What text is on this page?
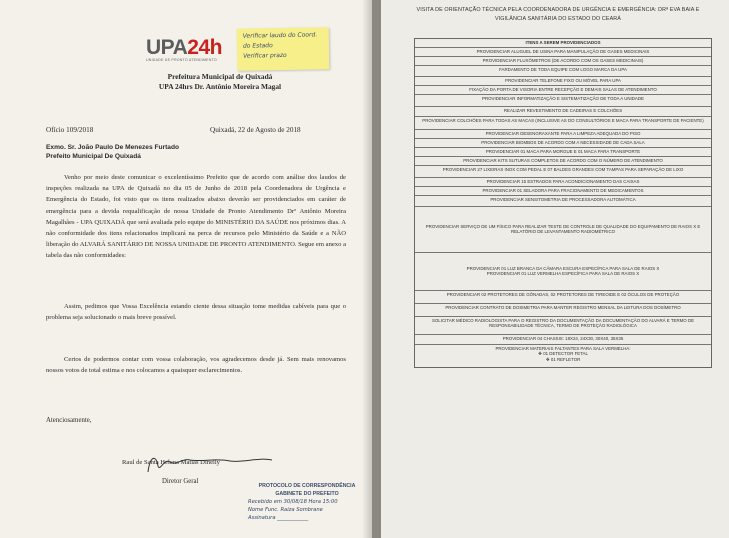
UPA24h
UNIDADE DE PRONTO ATENDIMENTO
Verificar laudo do Coord. do Estado
Verificar prazo
Prefeitura Municipal de Quixadá
UPA 24hrs Dr. Antônio Moreira Magal
Ofício 109/2018	Quixadá, 22 de Agosto de 2018
Exmo. Sr. João Paulo De Menezes Furtado
Prefeito Municipal De Quixadá
Venho por meio deste comunicar o excelentíssimo Prefeito que de acordo com análise dos laudos de inspeções realizada na UPA de Quixadá no dia 05 de Junho de 2018 pela Coordenadora de Urgência e Emergência do Estado, foi visto que os itens realizados abaixo deverão ser providenciados em caráter de emergência para a devida requalificação de nossa Unidade de Pronto Atendimento Drº Antônio Moreira Magalhães - UPA QUIXADÁ que será avaliada pelo equipe do MINISTÉRIO DA SAÚDE nos próximos dias. A não conformidade dos itens relacionados implicará na perca de recursos pelo Ministério da Saúde e a NÃO liberação do ALVARÁ SANITÁRIO DE NOSSA UNIDADE DE PRONTO ATENDIMENTO. Segue em anexo a tabela das não conformidades:
Assim, pedimos que Vossa Excelência estando ciente dessa situação tome medidas cabíveis para que o problema seja solucionado o mais breve possível.
Certos de podermos contar com vossa colaboração, vos agradecemos desde já. Sem mais renovamos nossos votos de total estima e nos colocamos a quaisquer esclarecimentos.
Atenciosamente,
Raul de Santa Helena Matias Dinelly
Diretor Geral
PROTOCOLO DE CORRESPONDÊNCIA GABINETE DO PREFEITO
Recebido em 30/08/18 Hora 15:00
Nome Func. Raiza Sombrane
Assinatura ____________
VISITA DE ORIENTAÇÃO TÉCNICA PELA COORDENADORA DE URGÊNCIA E EMERGÊNCIA: DRª EVA BAIA E VIGILÂNCIA SANITÁRIA DO ESTADO DO CEARÁ
ITENS A SEREM PROVIDENCIADOS
PROVIDENCIAR ALUGUEL DE USINA PARA MANIPULAÇÃO DE GASES MEDICINAIS
PROVIDENCIAR FLUXÔMETROS (DE ACORDO COM OS GASES MEDICINAIS)
FARDAMENTO DE TODA EQUIPE COM LOGO MARCA DA UPA
PROVIDENCIAR TELEFONE FIXO OU MÓVEL PARA UPA
FIXAÇÃO DA PORTA DE VISORIA ENTRE RECEPÇÃO E DEMAIS SALAS DE ATENDIMENTO
PROVIDENCIAR INFORMATIZAÇÃO E SISTEMATIZAÇÃO DE TODA A UNIDADE
REALIZAR REVESTIMENTO DE CADEIRAS E COLCHÕES
PROVIDENCIAR COLCHÕES PARA TODAS AS MACAS (INCLUSIVE AS DO CONSULTÓRIOS E MACA PARA TRANSPORTE DE PACIENTE)
PROVIDENCIAR DESENGRAXANTE PARA A LIMPEZA ADEQUADA DO PISO
PROVIDENCIAR BIOMBOS DE ACORDO COM A NECESSIDADE DE CADA SALA
PROVIDENCIAR 01 MACA PARA MORGUE E 01 MACA PARA TRANSPORTE
PROVIDENCIAR KITS SUTURAS COMPLETOS DE ACORDO COM O NÚMERO DE ATENDIMENTO
PROVIDENCIAR 27 LIXEIRAS INOX COM PEDAL E 07 BALDES GRANDES COM TAMPAS PARA SEPARAÇÃO DE LIXO
PROVIDENCIAR 15 ESTRADOS PARA ACONDICIONAMENTO DAS CAIXAS
PROVIDENCIAR 01 SELADORA PARA FRACIONAMENTO DE MEDICAMENTOS
PROVIDENCIAR SENSITOMETRIA DE PROCESSADORA AUTOMÁTICA
PROVIDENCIAR SERVIÇO DE UM FÍSICO PARA REALIZAR TESTE DE CONTROLE DE QUALIDADE DO EQUIPAMENTO DE RAIOS X E RELATÓRIO DE LEVANTAMENTO RADIOMÉTRICO
PROVIDENCIAR 01 LUZ BRANCA DA CÂMARA ESCURA ESPECÍFICA PARA SALA DE RAIOS X
PROVIDENCIAR 01 LUZ VERMELHA ESPECÍFICA PARA SALA DE RAIOS X
PROVIDENCIAR 02 PROTETORES DE GÔNADAS, 02 PROTETORES DE TIREOIDE E 02 ÓCULOS DE PROTEÇÃO
PROVIDENCIAR CONTRATO DE DOSIMETRIA PARA MANTER REGISTRO MENSAL DA LEITURA DOS DOSÍMETRO
SOLICITAR MÉDICO RADIOLOGISTA PARA O REGISTRO DA DOCUMENTAÇÃO DA DOCUMENTAÇÃO DO ALVARÁ E TERMO DE RESPONSABILIDADE TÉCNICA, TERMO DE PROTEÇÃO RADIOLÓGICA
PROVIDENCIAR 04 CHASSIS: 18X24, 24X30, 30X40, 35X35
PROVIDENCIAR MATERIAIS FALTANTES PARA SALA VERMELHA:
❖ 01 DETECTOR FETAL
❖ 01 REFLETOR
